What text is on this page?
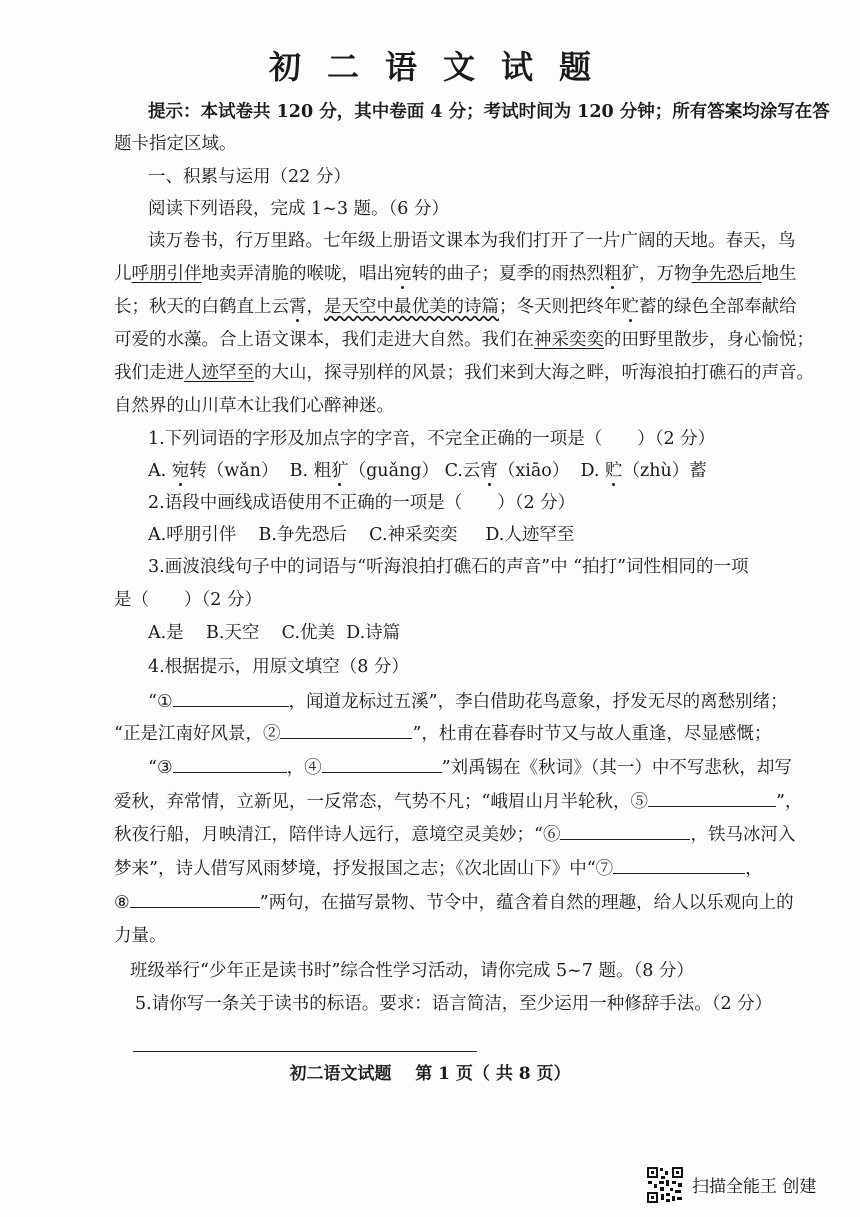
初二语文试题
提示：本试卷共 120 分，其中卷面 4 分；考试时间为 120 分钟；所有答案均涂写在答
题卡指定区域。
一、积累与运用（22 分）
阅读下列语段，完成 1~3 题。（6 分）
读万卷书，行万里路。七年级上册语文课本为我们打开了一片广阔的天地。春天，鸟
儿呼朋引伴地卖弄清脆的喉咙，唱出宛转的曲子；夏季的雨热烈粗犷，万物争先恐后地生
长；秋天的白鹤直上云霄，是天空中最优美的诗篇；冬天则把终年贮蓄的绿色全部奉献给
可爱的水藻。合上语文课本，我们走进大自然。我们在神采奕奕的田野里散步，身心愉悦；
我们走进人迹罕至的大山，探寻别样的风景；我们来到大海之畔，听海浪拍打礁石的声音。
自然界的山川草木让我们心醉神迷。
1.下列词语的字形及加点字的字音，不完全正确的一项是（　　）（2 分）
A. 宛转（wǎn） B. 粗犷（guǎng） C.云宵（xiāo） D. 贮（zhù）蓄
2.语段中画线成语使用不正确的一项是（　　）（2 分）
A.呼朋引伴 B.争先恐后 C.神采奕奕 D.人迹罕至
3.画波浪线句子中的词语与“听海浪拍打礁石的声音”中 “拍打”词性相同的一项
是（　　）（2 分）
A.是 B.天空 C.优美 D.诗篇
4.根据提示，用原文填空（8 分）
“①	，闻道龙标过五溪”，李白借助花鸟意象，抒发无尽的离愁别绪；
“正是江南好风景，②	”，杜甫在暮春时节又与故人重逢，尽显感慨；
“③	，④	”刘禹锡在《秋词》（其一）中不写悲秋，却写
爱秋，弃常情，立新见，一反常态，气势不凡；“峨眉山月半轮秋，⑤	”，
秋夜行船，月映清江，陪伴诗人远行，意境空灵美妙；“⑥	，铁马冰河入
梦来”，诗人借写风雨梦境，抒发报国之志；《次北固山下》中“⑦	，
⑧	”两句，在描写景物、节令中，蕴含着自然的理趣，给人以乐观向上的
力量。
班级举行“少年正是读书时”综合性学习活动，请你完成 5~7 题。（8 分）
5.请你写一条关于读书的标语。要求：语言简洁，至少运用一种修辞手法。（2 分）
初二语文试题 第 1 页（ 共 8 页）
扫描全能王 创建
